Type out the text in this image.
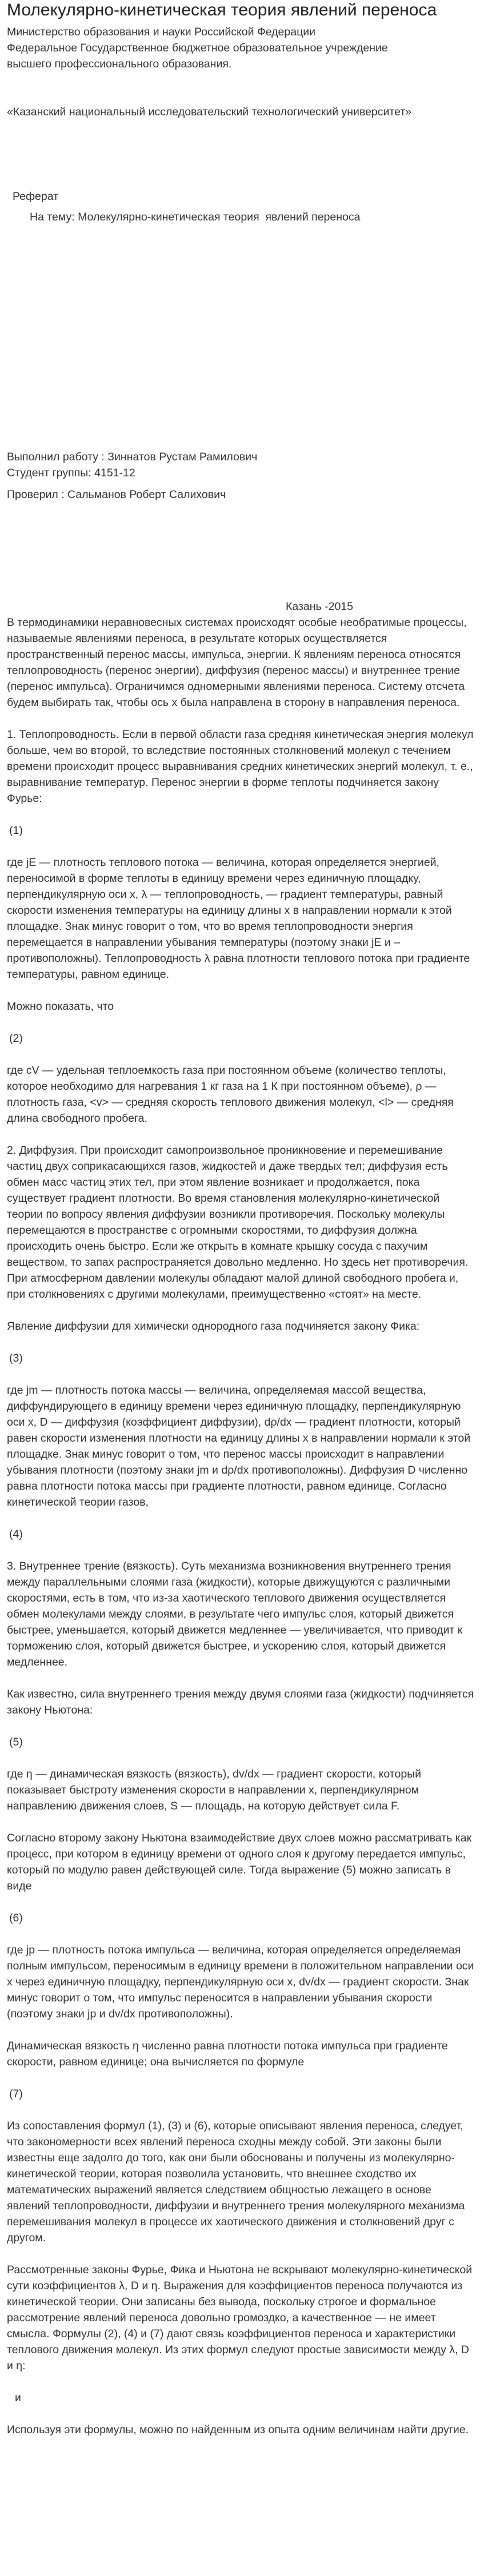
Молекулярно-кинетическая теория явлений переноса

Министерство образования и науки Российской Федерации

Федеральное Государственное бюджетное образовательное учреждение

высшего профессионального образования.

«Казанский национальный исследовательский технологический университет»

Реферат

На тему: Молекулярно-кинетическая теория  явлений переноса

Выполнил работу : Зиннатов Рустам Рамилович

Студент группы: 4151-12

Проверил : Сальманов Роберт Салихович

Казань -2015

В термодинамики неравновесных системах происходят особые необратимые процессы, называемые явлениями переноса, в результате которых осуществляется пространственный перенос массы, импульса, энергии. К явлениям переноса относятся теплопроводность (перенос энергии), диффузия (перенос массы) и внутреннее трение (перенос импульса). Ограничимся одномерными явлениями переноса. Систему отсчета будем выбирать так, чтобы ось x была направлена в сторону в направления переноса.

1. Теплопроводность. Если в первой области газа средняя кинетическая энергия молекул больше, чем во второй, то вследствие постоянных столкновений молекул с течением времени происходит процесс выравнивания средних кинетических энергий молекул, т. е., выравнивание температур. Перенос энергии в форме теплоты подчиняется закону Фурье:

(1)

где jE — плотность теплового потока — величина, которая определяется энергией, переносимой в форме теплоты в единицу времени через единичную площадку, перпендикулярную оси х, λ — теплопроводность, — градиент температуры, равный скорости изменения температуры на единицу длины х в направлении нормали к этой площадке. Знак минус говорит о том, что во время теплопроводности энергия перемещается в направлении убывания температуры (поэтому знаки jE и – противоположны). Теплопроводность λ равна плотности теплового потока при градиенте температуры, равном единице.

Можно показать, что

(2)

где cV — удельная теплоемкость газа при постоянном объеме (количество теплоты, которое необходимо для нагревания 1 кг газа на 1 К при постоянном объеме), ρ — плотность газа, <v> — средняя скорость теплового движения молекул, <l> — средняя длина свободного пробега.

2. Диффузия. При происходит самопроизвольное проникновение и перемешивание частиц двух соприкасающихся газов, жидкостей и даже твердых тел; диффузия есть обмен масс частиц этих тел, при этом явление возникает и продолжается, пока существует градиент плотности. Во время становления молекулярно-кинетической теории по вопросу явления диффузии возникли противоречия. Поскольку молекулы перемещаются в пространстве с огромными скоростями, то диффузия должна происходить очень быстро. Если же открыть в комнате крышку сосуда с пахучим веществом, то запах распространяется довольно медленно. Но здесь нет противоречия. При атмосферном давлении молекулы обладают малой длиной свободного пробега и, при столкновениях с другими молекулами, преимущественно «стоят» на месте.

Явление диффузии для химически однородного газа подчиняется закону Фика:

(3)

где jm — плотность потока массы — величина, определяемая массой вещества, диффундирующего в единицу времени через единичную площадку, перпендикулярную оси x, D — диффузия (коэффициент диффузии), dρ/dx — градиент плотности, который равен скорости изменения плотности на единицу длины х в направлении нормали к этой площадке. Знак минус говорит о том, что перенос массы происходит в направлении убывания плотности (поэтому знаки jm и dρ/dx противоположны). Диффузия D численно равна плотности потока массы при градиенте плотности, равном единице. Согласно кинетической теории газов,

(4)

3. Внутреннее трение (вязкость). Суть механизма возникновения внутреннего трения между параллельными слоями газа (жидкости), которые движущуются с различными скоростями, есть в том, что из-за хаотического теплового движения осуществляется обмен молекулами между слоями, в результате чего импульс слоя, который движется быстрее, уменьшается, который движется медленнее — увеличивается, что приводит к торможению слоя, который движется быстрее, и ускорению слоя, который движется медленнее.

Как известно, сила внутреннего трения между двумя слоями газа (жидкости) подчиняется закону Ньютона:

(5)

где η — динамическая вязкость (вязкость), dv/dx — градиент скорости, который показывает быстроту изменения скорости в направлении x, перпендикулярном направлению движения слоев, S — площадь, на которую действует сила F.

Согласно второму закону Ньютона взаимодействие двух слоев можно рассматривать как процесс, при котором в единицу времени от одного слоя к другому передается импульс, который по модулю равен действующей силе. Тогда выражение (5) можно записать в виде

(6)

где jp — плотность потока импульса — величина, которая определяется определяемая полным импульсом, переносимым в единицу времени в положительном направлении оси x через единичную площадку, перпендикулярную оси x, dv/dx — градиент скорости. Знак минус говорит о том, что импульс переносится в направлении убывания скорости (поэтому знаки jp и dv/dx противоположны).

Динамическая вязкость η численно равна плотности потока импульса при градиенте скорости, равном единице; она вычисляется по формуле

(7)

Из сопоставления формул (1), (3) и (6), которые описывают явления переноса, следует, что закономерности всех явлений переноса сходны между собой. Эти законы были известны еще задолго до того, как они были обоснованы и получены из молекулярно-кинетической теории, которая позволила установить, что внешнее сходство их математических выражений является следствием общностью лежащего в основе явлений теплопроводности, диффузии и внутреннего трения молекулярного механизма перемешивания молекул в процессе их хаотического движения и столкновений друг с другом.

Рассмотренные законы Фурье, Фика и Ньютона не вскрывают молекулярно-кинетической сути коэффициентов λ, D и η. Выражения для коэффициентов переноса получаются из кинетической теории. Они записаны без вывода, поскольку строгое и формальное рассмотрение явлений переноса довольно громоздко, а качественное — не имеет смысла. Формулы (2), (4) и (7) дают связь коэффициентов переноса и характеристики теплового движения молекул. Из этих формул следуют простые зависимости между λ, D и η:

и

Используя эти формулы, можно по найденным из опыта одним величинам найти другие.
